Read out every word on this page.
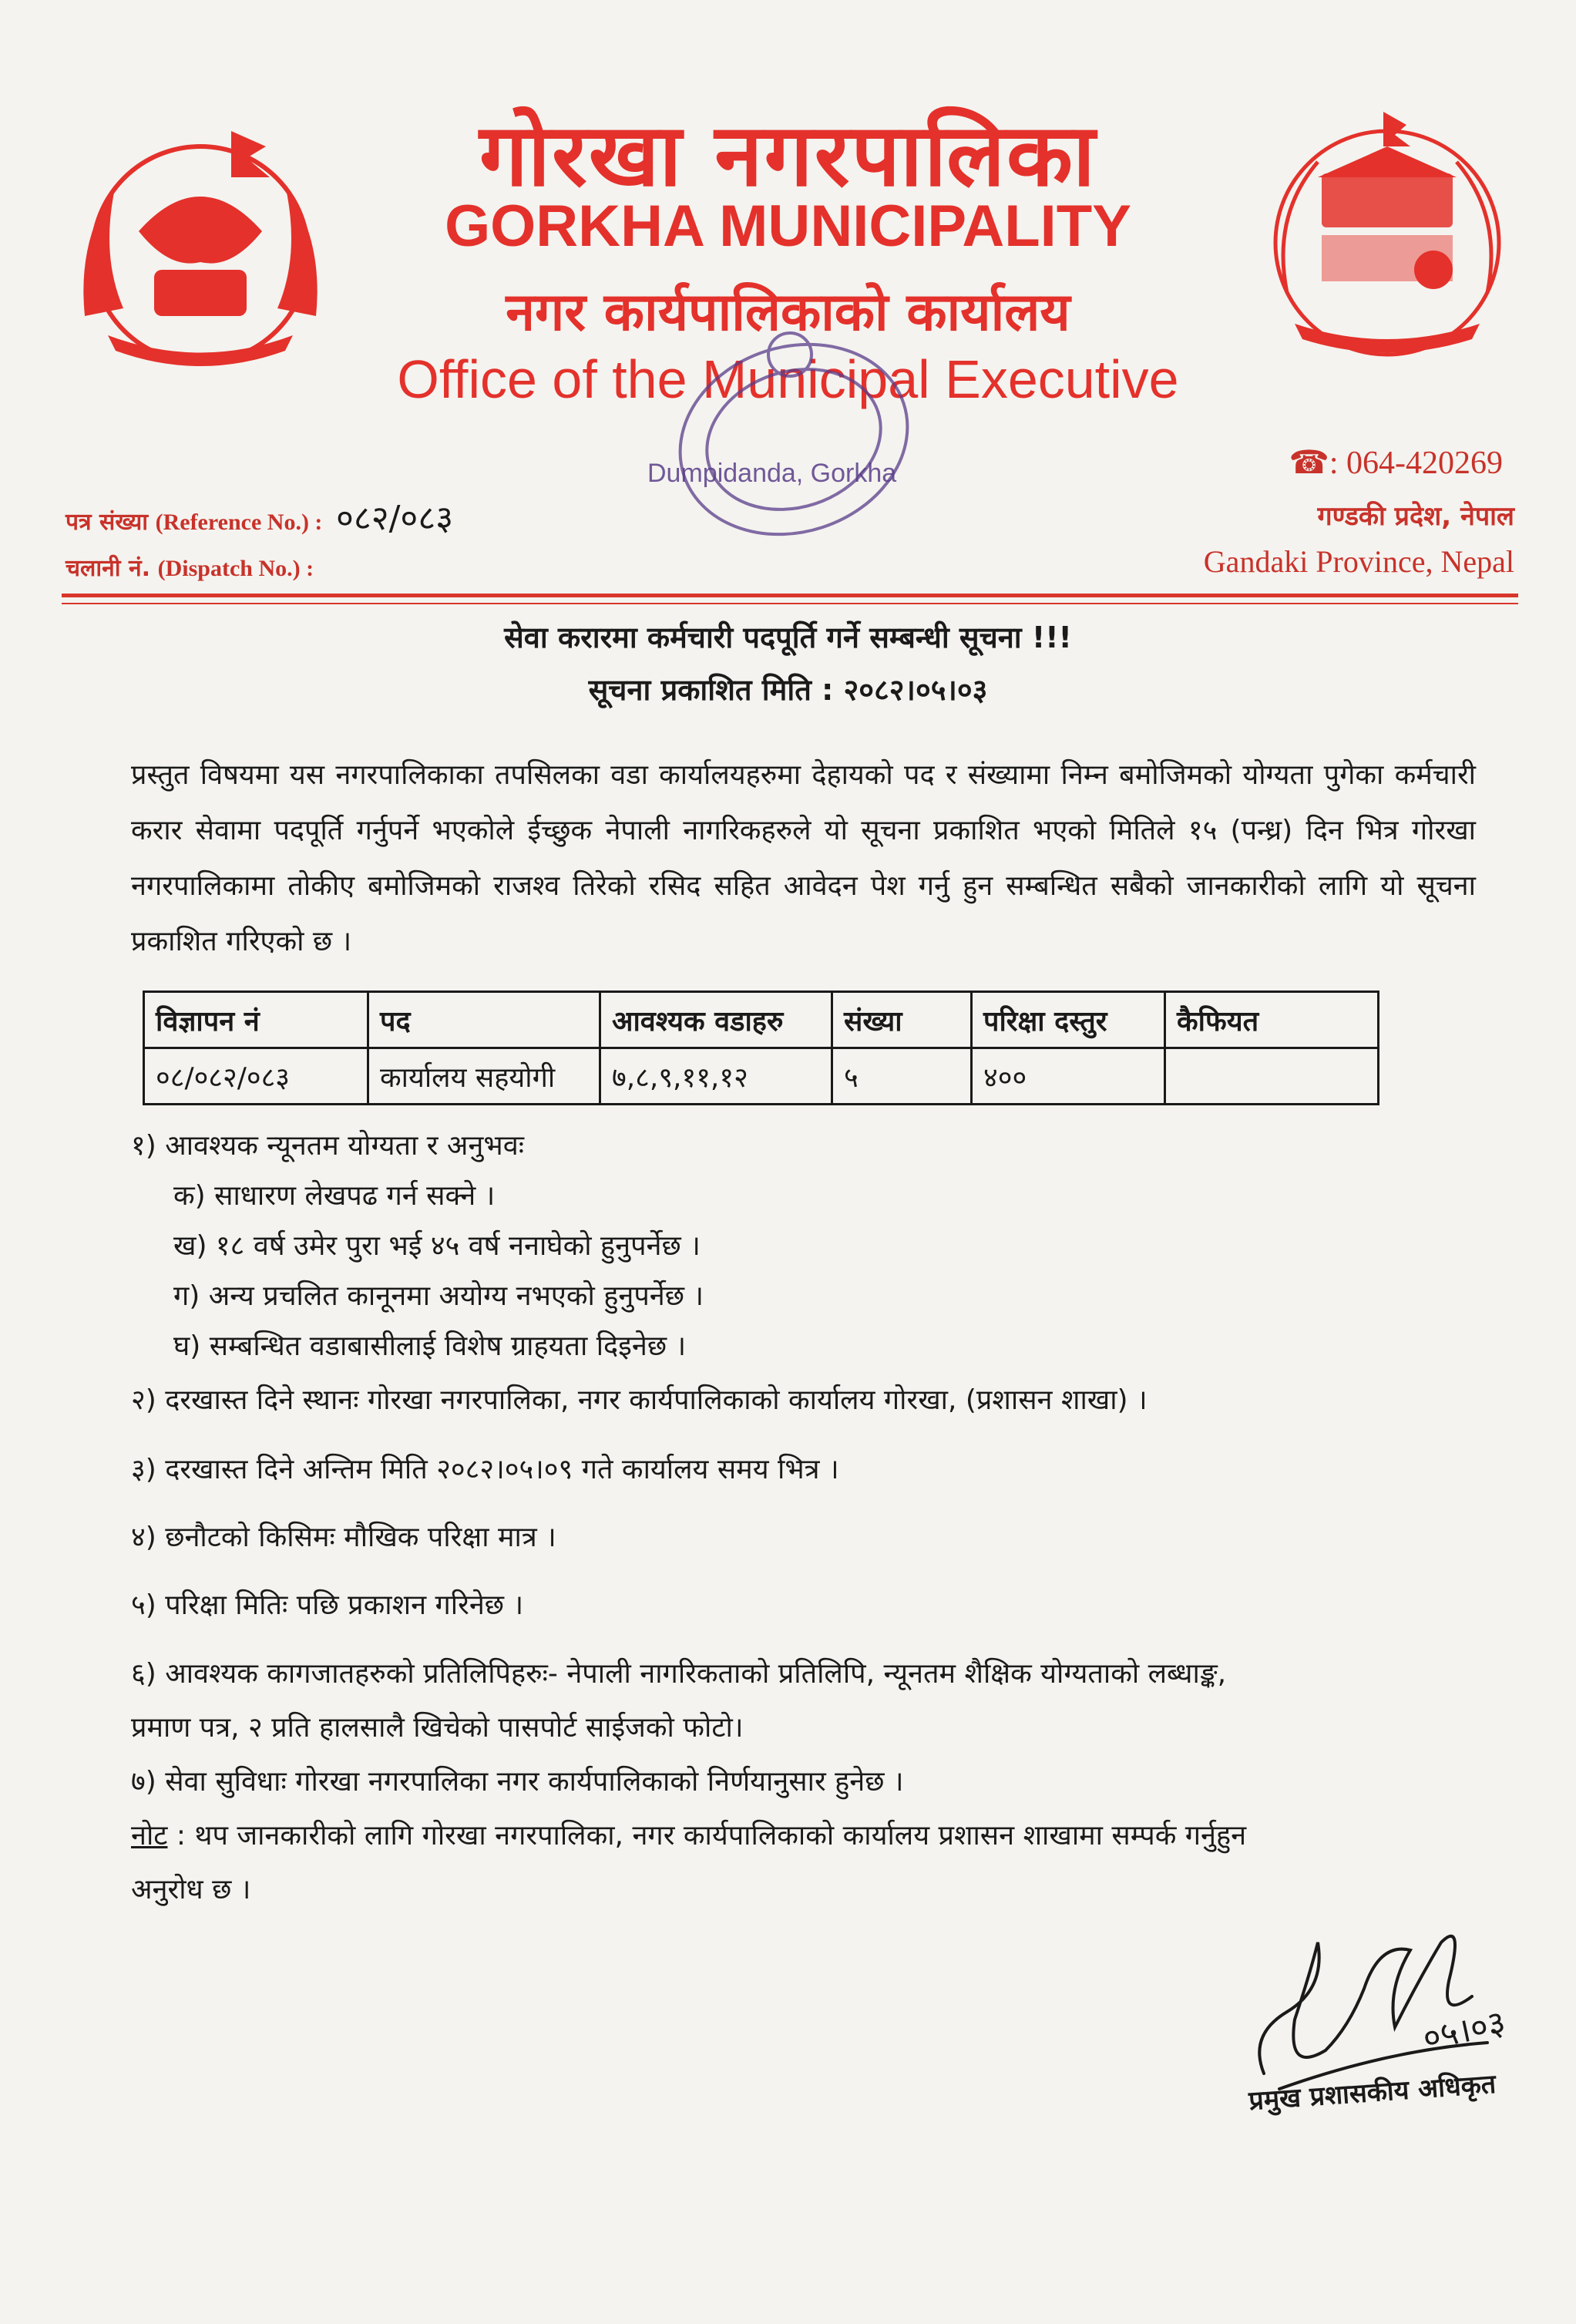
गोरखा नगरपालिका
GORKHA MUNICIPALITY
नगर कार्यपालिकाको कार्यालय
Office of the Municipal Executive
Dumpidanda, Gorkha
पत्र संख्या (Reference No.) : ०८२/०८३
चलानी नं. (Dispatch No.) :
☎: 064-420269
गण्डकी प्रदेश, नेपाल
Gandaki Province, Nepal
सेवा करारमा कर्मचारी पदपूर्ति गर्ने सम्बन्धी सूचना !!!
सूचना प्रकाशित मिति : २०८२।०५।०३
प्रस्तुत विषयमा यस नगरपालिकाका तपसिलका वडा कार्यालयहरुमा देहायको पद र संख्यामा निम्न बमोजिमको योग्यता पुगेका कर्मचारी करार सेवामा पदपूर्ति गर्नुपर्ने भएकोले ईच्छुक नेपाली नागरिकहरुले यो सूचना प्रकाशित भएको मितिले १५ (पन्ध्र) दिन भित्र गोरखा नगरपालिकामा तोकीए बमोजिमको राजश्व तिरेको रसिद सहित आवेदन पेश गर्नु हुन सम्बन्धित सबैको जानकारीको लागि यो सूचना प्रकाशित गरिएको छ ।
विज्ञापन नं	पद	आवश्यक वडाहरु	संख्या	परिक्षा दस्तुर	कैफियत
०८/०८२/०८३	कार्यालय सहयोगी	७,८,९,११,१२	५	४००	
१) आवश्यक न्यूनतम योग्यता र अनुभवः
क) साधारण लेखपढ गर्न सक्ने ।
ख) १८ वर्ष उमेर पुरा भई ४५ वर्ष ननाघेको हुनुपर्नेछ ।
ग) अन्य प्रचलित कानूनमा अयोग्य नभएको हुनुपर्नेछ ।
घ) सम्बन्धित वडाबासीलाई विशेष ग्राहयता दिइनेछ ।
२) दरखास्त दिने स्थानः गोरखा नगरपालिका, नगर कार्यपालिकाको कार्यालय गोरखा, (प्रशासन शाखा) ।
३) दरखास्त दिने अन्तिम मिति २०८२।०५।०९ गते कार्यालय समय भित्र ।
४) छनौटको किसिमः मौखिक परिक्षा मात्र ।
५) परिक्षा मितिः पछि प्रकाशन गरिनेछ ।
६) आवश्यक कागजातहरुको प्रतिलिपिहरुः- नेपाली नागरिकताको प्रतिलिपि, न्यूनतम शैक्षिक योग्यताको लब्धाङ्क,
प्रमाण पत्र, २ प्रति हालसालै खिचेको पासपोर्ट साईजको फोटो।
७) सेवा सुविधाः गोरखा नगरपालिका नगर कार्यपालिकाको निर्णयानुसार हुनेछ ।
नोट : थप जानकारीको लागि गोरखा नगरपालिका, नगर कार्यपालिकाको कार्यालय प्रशासन शाखामा सम्पर्क गर्नुहुन
अनुरोध छ ।
०५।०३
प्रमुख प्रशासकीय अधिकृत
